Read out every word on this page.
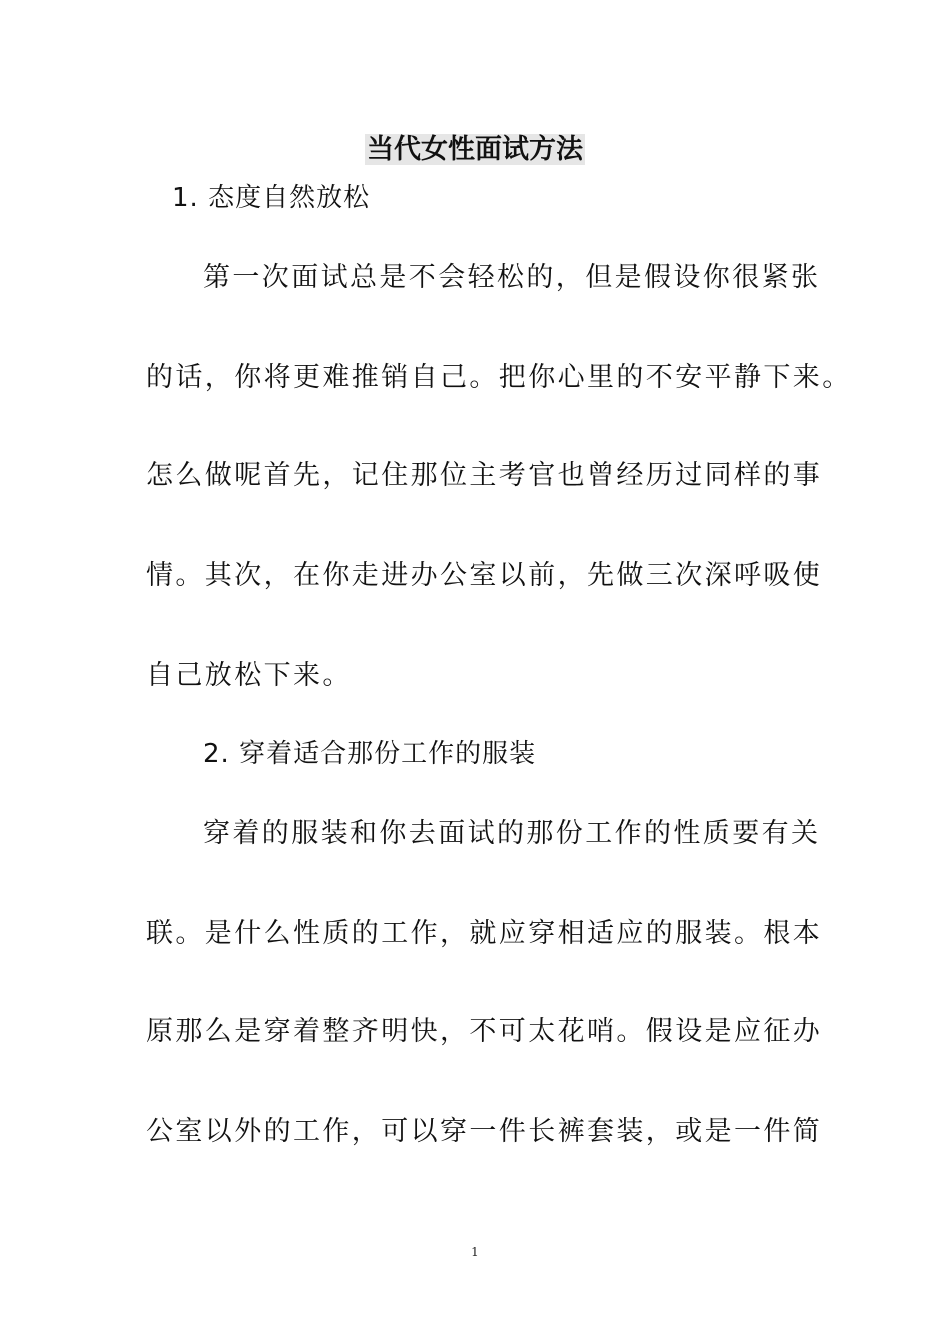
当代女性面试方法

1. 态度自然放松

第一次面试总是不会轻松的，但是假设你很紧张

的话，你将更难推销自己。把你心里的不安平静下来。

怎么做呢首先，记住那位主考官也曾经历过同样的事

情。其次，在你走进办公室以前，先做三次深呼吸使

自己放松下来。

2. 穿着适合那份工作的服装

穿着的服装和你去面试的那份工作的性质要有关

联。是什么性质的工作，就应穿相适应的服装。根本

原那么是穿着整齐明快，不可太花哨。假设是应征办

公室以外的工作，可以穿一件长裤套装，或是一件简

1
